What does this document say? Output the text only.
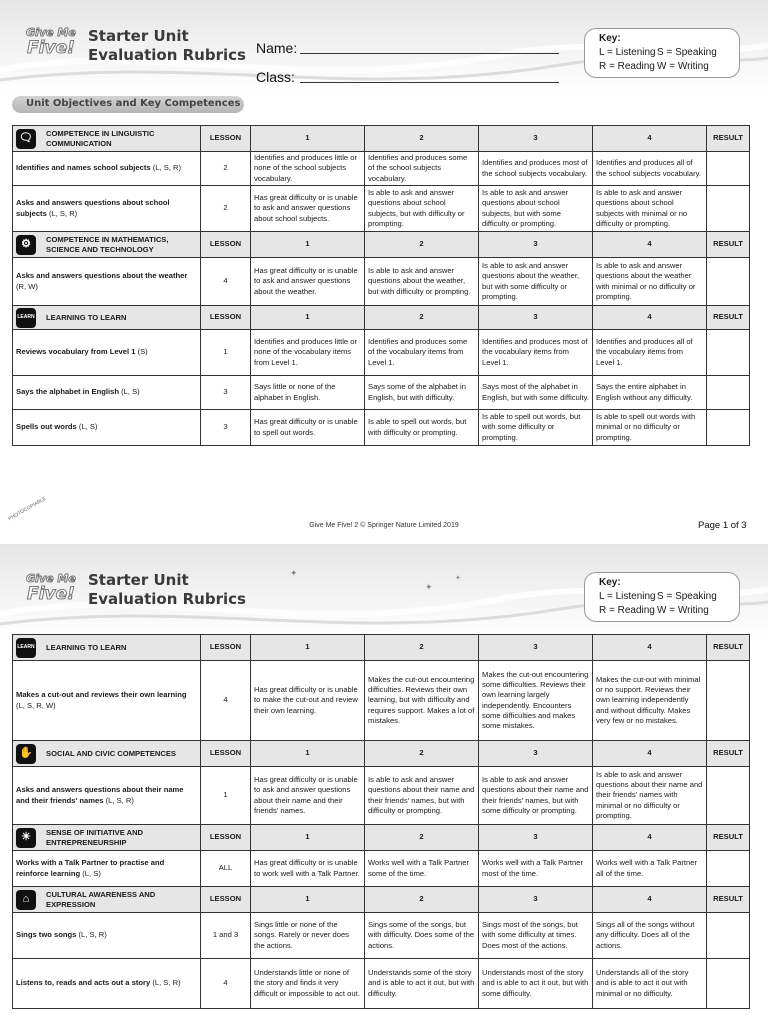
Give Me
Five!
Starter Unit
Evaluation Rubrics Name:
Class:
Key:
L = Listening S = Speaking
R = Reading W = Writing
Unit Objectives and Key Competences
🗨 COMPETENCE IN LINGUISTIC COMMUNICATION	LESSON	1	2	3	4	RESULT
Identifies and names school subjects (L, S, R)	2	Identifies and produces little or none of the school subjects vocabulary.	Identifies and produces some of the school subjects vocabulary.	Identifies and produces most of the school subjects vocabulary.	Identifies and produces all of the school subjects vocabulary.	
Asks and answers questions about school subjects (L, S, R)	2	Has great difficulty or is unable to ask and answer questions about school subjects.	Is able to ask and answer questions about school subjects, but with difficulty or prompting.	Is able to ask and answer questions about school subjects, but with some difficulty or prompting.	Is able to ask and answer questions about school subjects with minimal or no difficulty or prompting.	

⚙ COMPETENCE IN MATHEMATICS, SCIENCE AND TECHNOLOGY	LESSON	1	2	3	4	RESULT
Asks and answers questions about the weather (R, W)	4	Has great difficulty or is unable to ask and answer questions about the weather.	Is able to ask and answer questions about the weather, but with difficulty or prompting.	Is able to ask and answer questions about the weather, but with some difficulty or prompting.	Is able to ask and answer questions about the weather with minimal or no difficulty or prompting.	

LEARN LEARNING TO LEARN	LESSON	1	2	3	4	RESULT
Reviews vocabulary from Level 1 (S)	1	Identifies and produces little or none of the vocabulary items from Level 1.	Identifies and produces some of the vocabulary items from Level 1.	Identifies and produces most of the vocabulary items from Level 1.	Identifies and produces all of the vocabulary items from Level 1.	
Says the alphabet in English (L, S)	3	Says little or none of the alphabet in English.	Says some of the alphabet in English, but with difficulty.	Says most of the alphabet in English, but with some difficulty.	Says the entire alphabet in English without any difficulty.	
Spells out words (L, S)	3	Has great difficulty or is unable to spell out words.	Is able to spell out words, but with difficulty or prompting.	Is able to spell out words, but with some difficulty or prompting.	Is able to spell out words with minimal or no difficulty or prompting.	
PHOTOCOPIABLE
Give Me Five! 2 © Springer Nature Limited 2019	Page 1 of 3
✦
✦
✦
Give Me
Five!
Starter Unit
Evaluation Rubrics
Key:
L = Listening S = Speaking
R = Reading W = Writing
LEARN LEARNING TO LEARN	LESSON	1	2	3	4	RESULT
Makes a cut-out and reviews their own learning (L, S, R, W)	4	Has great difficulty or is unable to make the cut-out and review their own learning.	Makes the cut-out encountering difficulties. Reviews their own learning, but with difficulty and requires support. Makes a lot of mistakes.	Makes the cut-out encountering some difficulties. Reviews their own learning largely independently. Encounters some difficulties and makes some mistakes.	Makes the cut-out with minimal or no support. Reviews their own learning independently and without difficulty. Makes very few or no mistakes.	

✋ SOCIAL AND CIVIC COMPETENCES	LESSON	1	2	3	4	RESULT
Asks and answers questions about their name and their friends' names (L, S, R)	1	Has great difficulty or is unable to ask and answer questions about their name and their friends' names.	Is able to ask and answer questions about their name and their friends' names, but with difficulty or prompting.	Is able to ask and answer questions about their name and their friends' names, but with some difficulty or prompting.	Is able to ask and answer questions about their name and their friends' names with minimal or no difficulty or prompting.	

☀ SENSE OF INITIATIVE AND ENTREPRENEURSHIP	LESSON	1	2	3	4	RESULT
Works with a Talk Partner to practise and reinforce learning (L, S)	ALL	Has great difficulty or is unable to work well with a Talk Partner.	Works well with a Talk Partner some of the time.	Works well with a Talk Partner most of the time.	Works well with a Talk Partner all of the time.	

⌂ CULTURAL AWARENESS AND EXPRESSION	LESSON	1	2	3	4	RESULT
Sings two songs (L, S, R)	1 and 3	Sings little or none of the songs. Rarely or never does the actions.	Sings some of the songs, but with difficulty. Does some of the actions.	Sings most of the songs, but with some difficulty at times. Does most of the actions.	Sings all of the songs without any difficulty. Does all of the actions.	
Listens to, reads and acts out a story (L, S, R)	4	Understands little or none of the story and finds it very difficult or impossible to act out.	Understands some of the story and is able to act it out, but with difficulty.	Understands most of the story and is able to act it out, but with some difficulty.	Understands all of the story and is able to act it out with minimal or no difficulty.	
